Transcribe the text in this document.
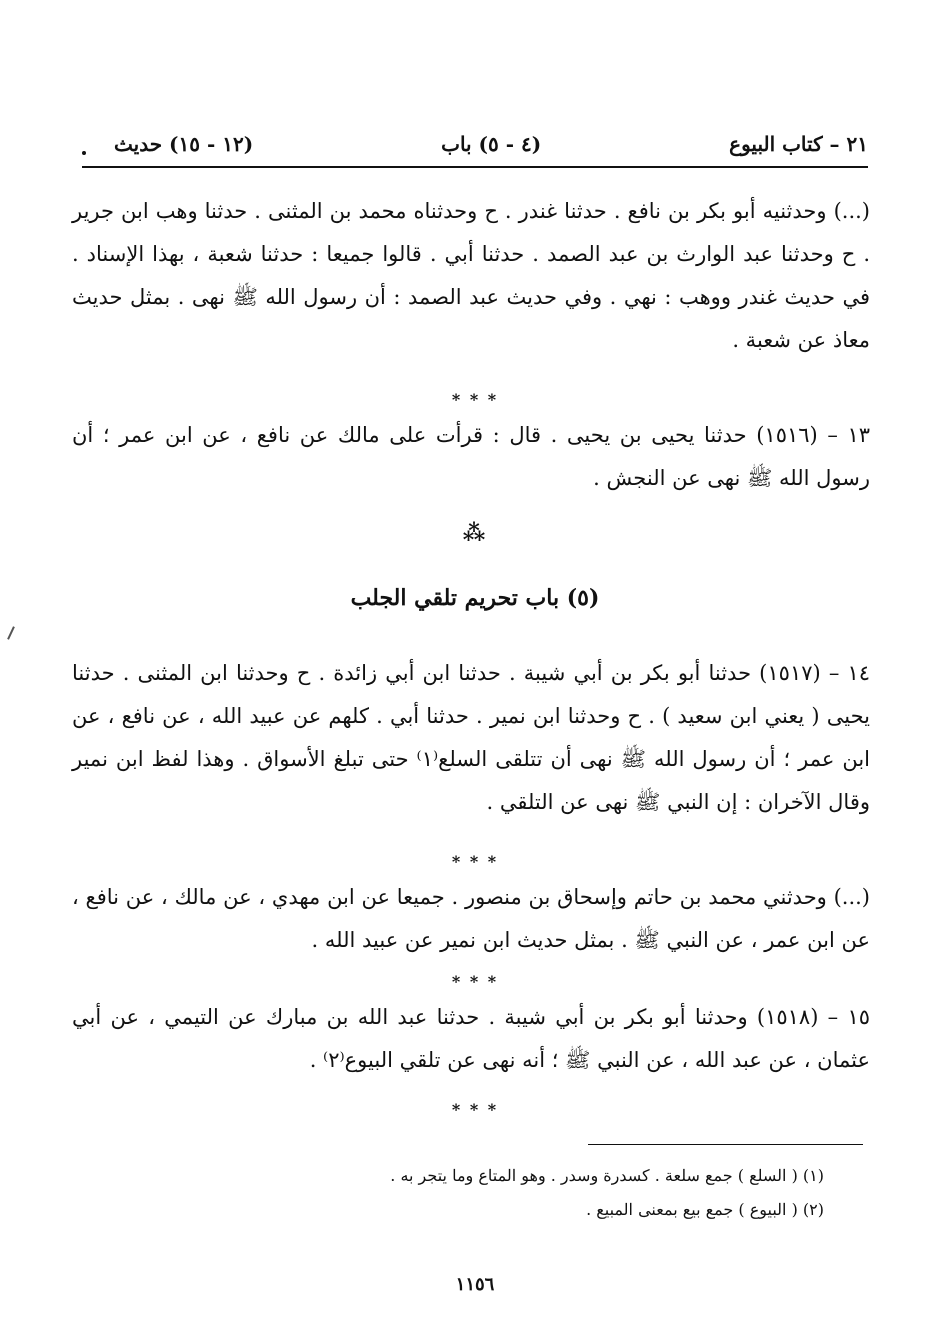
٢١ – كتاب البيوع
(٤ - ٥) باب
(١٢ - ١٥) حديث
(...) وحدثنيه أبو بكر بن نافع . حدثنا غندر . ح وحدثناه محمد بن المثنى . حدثنا وهب ابن جرير . ح وحدثنا عبد الوارث بن عبد الصمد . حدثنا أبي . قالوا جميعا : حدثنا شعبة ، بهذا الإسناد . في حديث غندر ووهب : نهي . وفي حديث عبد الصمد : أن رسول الله ﷺ نهى . بمثل حديث معاذ عن شعبة .
* * *
١٣ – (١٥١٦) حدثنا يحيى بن يحيى . قال : قرأت على مالك عن نافع ، عن ابن عمر ؛ أن رسول الله ﷺ نهى عن النجش .
⁂
(٥) باب تحريم تلقي الجلب
١٤ – (١٥١٧) حدثنا أبو بكر بن أبي شيبة . حدثنا ابن أبي زائدة . ح وحدثنا ابن المثنى . حدثنا يحيى ( يعني ابن سعيد ) . ح وحدثنا ابن نمير . حدثنا أبي . كلهم عن عبيد الله ، عن نافع ، عن ابن عمر ؛ أن رسول الله ﷺ نهى أن تتلقى السلع⁽١⁾ حتى تبلغ الأسواق . وهذا لفظ ابن نمير وقال الآخران : إن النبي ﷺ نهى عن التلقي .
* * *
(...) وحدثني محمد بن حاتم وإسحاق بن منصور . جميعا عن ابن مهدي ، عن مالك ، عن نافع ، عن ابن عمر ، عن النبي ﷺ . بمثل حديث ابن نمير عن عبيد الله .
* * *
١٥ – (١٥١٨) وحدثنا أبو بكر بن أبي شيبة . حدثنا عبد الله بن مبارك عن التيمي ، عن أبي عثمان ، عن عبد الله ، عن النبي ﷺ ؛ أنه نهى عن تلقي البيوع⁽٢⁾ .
* * *
(١) ( السلع ) جمع سلعة . كسدرة وسدر . وهو المتاع وما يتجر به .
(٢) ( البيوع ) جمع بيع بمعنى المبيع .
١١٥٦
